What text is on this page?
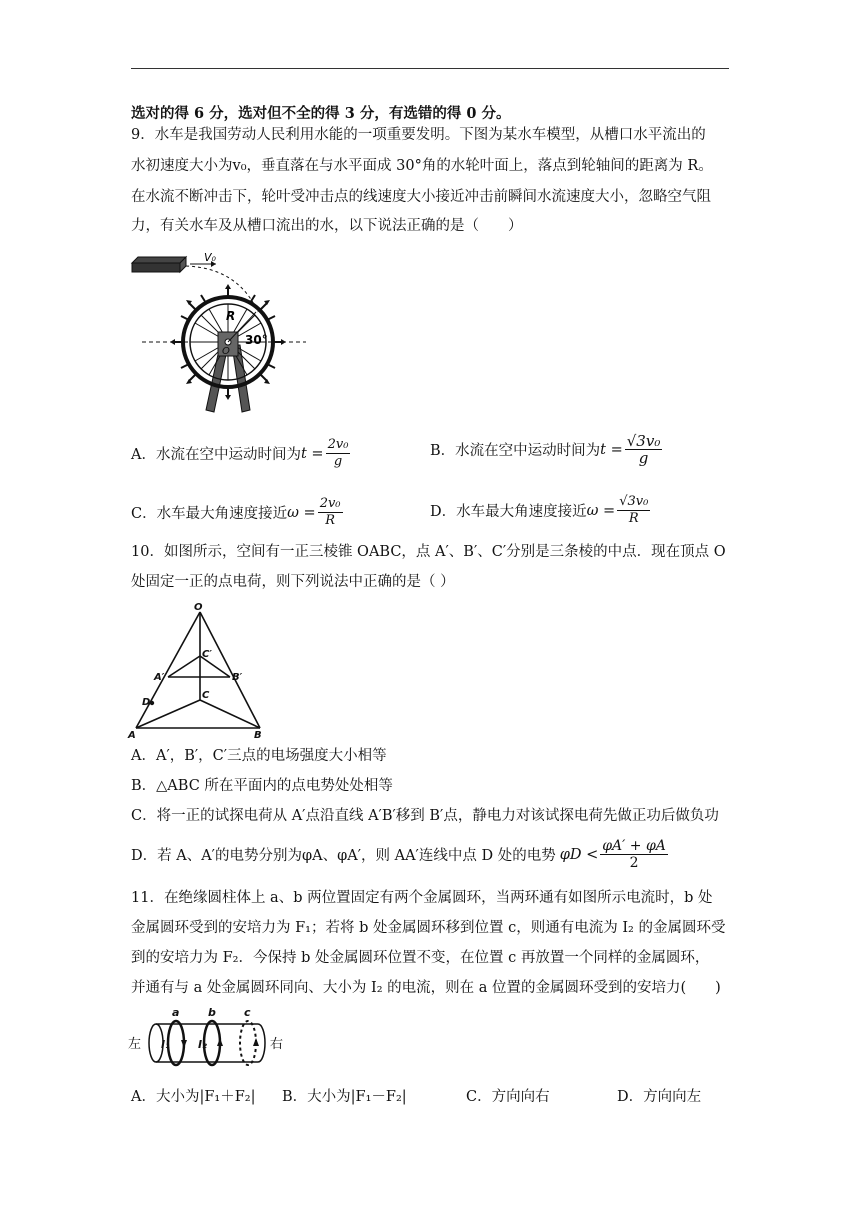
选对的得 6 分，选对但不全的得 3 分，有选错的得 0 分。
9．水车是我国劳动人民利用水能的一项重要发明。下图为某水车模型，从槽口水平流出的
水初速度大小为v₀，垂直落在与水平面成 30°角的水轮叶面上，落点到轮轴间的距离为 R。
在水流不断冲击下，轮叶受冲击点的线速度大小接近冲击前瞬间水流速度大小，忽略空气阻
力，有关水车及从槽口流出的水，以下说法正确的是（　　）
V₀
R
30°
O
A．水流在空中运动时间为 $t = \frac{\text{2v₀}}{g}$	B．水流在空中运动时间为 $t = \frac{\text{√3v₀}}{g}$
C．水车最大角速度接近 $\omega = \frac{\text{2v₀}}{R}$	D．水车最大角速度接近 $\omega = \frac{\text{√3v₀}}{R}$
10．如图所示，空间有一正三棱锥 OABC，点 A′、B′、C′分别是三条棱的中点．现在顶点 O
处固定一正的点电荷，则下列说法中正确的是（ ）
O
A	B
C
A′	B′
C′
D
A．A′，B′，C′三点的电场强度大小相等
B．△ABC 所在平面内的点电势处处相等
C．将一正的试探电荷从 A′点沿直线 A′B′移到 B′点，静电力对该试探电荷先做正功后做负功
D．若 A、A′的电势分别为φA、φA′，则 AA′连线中点 D 处的电势 $\varphi D < \frac{\varphi A' + \varphi A}{2}$
11．在绝缘圆柱体上 a、b 两位置固定有两个金属圆环，当两环通有如图所示电流时，b 处
金属圆环受到的安培力为 F₁；若将 b 处金属圆环移到位置 c，则通有电流为 I₂ 的金属圆环受
到的安培力为 F₂．今保持 b 处金属圆环位置不变，在位置 c 再放置一个同样的金属圆环，
并通有与 a 处金属圆环同向、大小为 I₂ 的电流，则在 a 位置的金属圆环受到的安培力(　　)
左	右
a	b	c
I₁	I₂
A．大小为|F₁＋F₂| B．大小为|F₁－F₂|	C．方向向右	D．方向向左
